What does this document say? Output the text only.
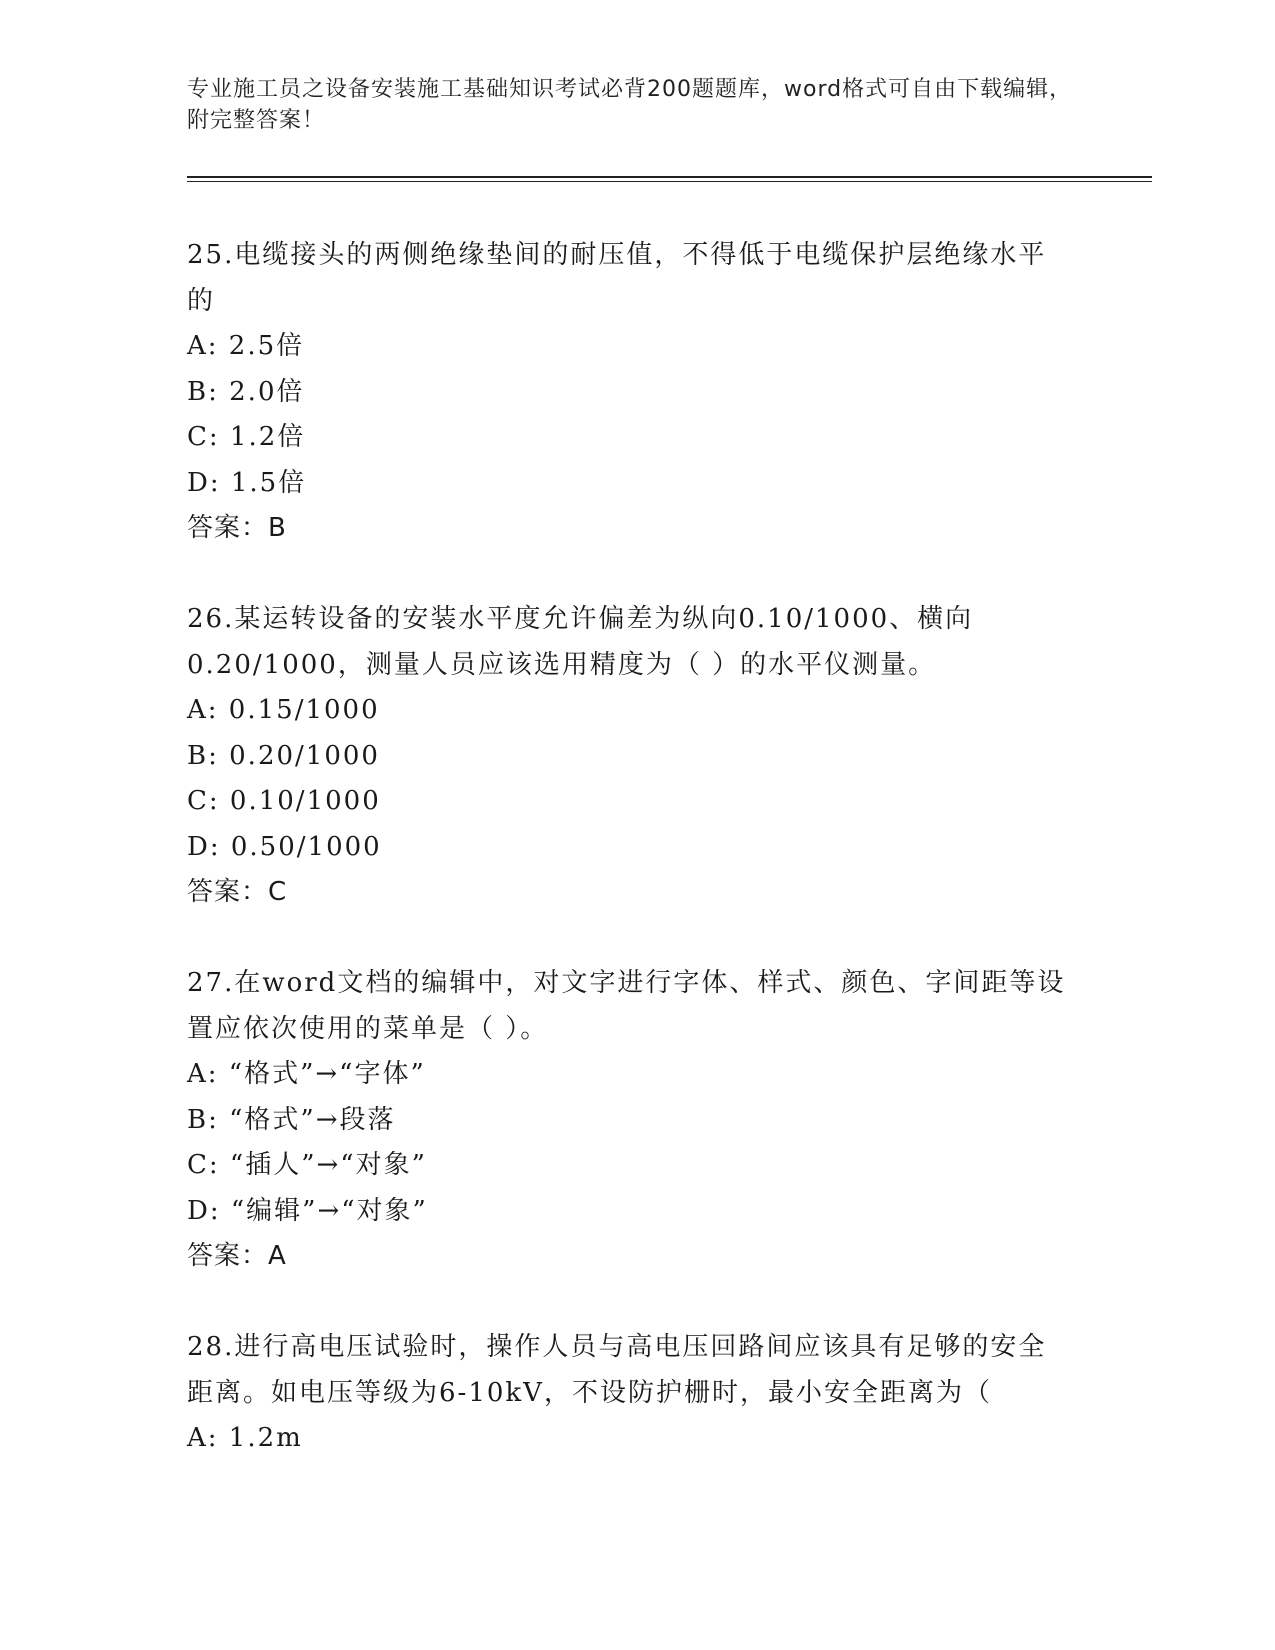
专业施工员之设备安装施工基础知识考试必背200题题库，word格式可自由下载编辑，附完整答案！

25.电缆接头的两侧绝缘垫间的耐压值，不得低于电缆保护层绝缘水平的

A: 2.5倍

B: 2.0倍

C: 1.2倍

D: 1.5倍

答案：B

26.某运转设备的安装水平度允许偏差为纵向0.10/1000、横向0.20/1000，测量人员应该选用精度为（ ）的水平仪测量。

A: 0.15/1000

B: 0.20/1000

C: 0.10/1000

D: 0.50/1000

答案：C

27.在word文档的编辑中，对文字进行字体、样式、颜色、字间距等设置应依次使用的菜单是（ ）。

A: “格式”→“字体”

B: “格式”→段落

C: “插人”→“对象”

D: “编辑”→“对象”

答案：A

28.进行高电压试验时，操作人员与高电压回路间应该具有足够的安全距离。如电压等级为6-10kV，不设防护栅时，最小安全距离为（

A: 1.2m
